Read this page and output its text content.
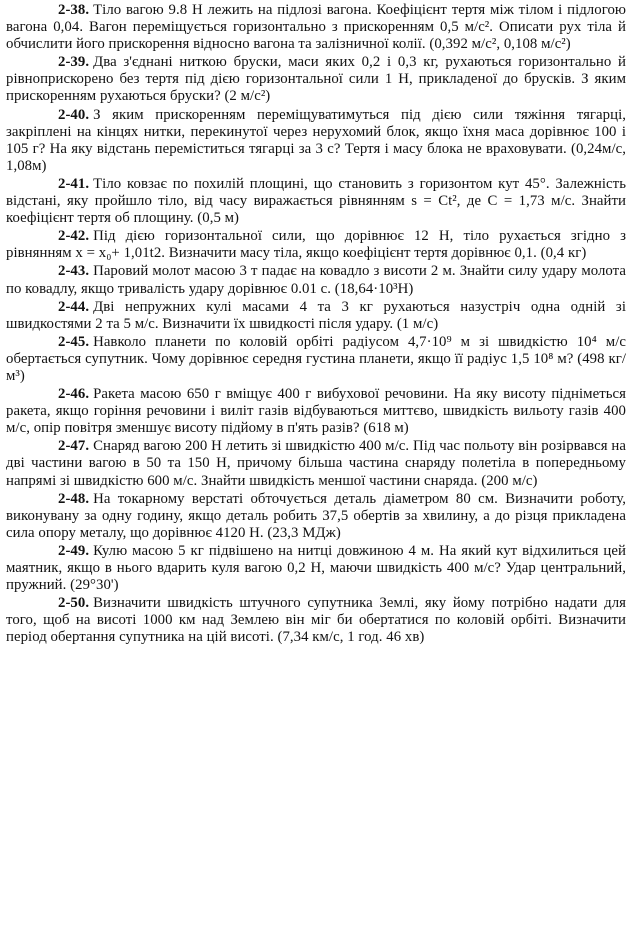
2-38. Тіло вагою 9.8 Н лежить на підлозі вагона. Коефіцієнт тертя між тілом і підлогою вагона 0,04. Вагон переміщується горизонтально з прискоренням 0,5 м/с². Описати рух тіла й обчислити його прискорення відносно вагона та залізничної колії. (0,392 м/с², 0,108 м/с²)

2-39. Два з'єднані ниткою бруски, маси яких 0,2 і 0,3 кг, рухаються горизонтально й рівноприскорено без тертя під дією горизонтальної сили 1 Н, прикладеної до брусків. З яким прискоренням рухаються бруски? (2 м/с²)

2-40. З яким прискоренням переміщуватимуться під дією сили тяжіння тягарці, закріплені на кінцях нитки, перекинутої через нерухомий блок, якщо їхня маса дорівнює 100 і 105 г? На яку відстань переміститься тягарці за 3 с? Тертя і масу блока не враховувати. (0,24м/с, 1,08м)

2-41. Тіло ковзає по похилій площині, що становить з горизонтом кут 45°. Залежність відстані, яку пройшло тіло, від часу виражається рівнянням s = Ct², де C = 1,73 м/с. Знайти коефіцієнт тертя об площину. (0,5 м)

2-42. Під дією горизонтальної сили, що дорівнює 12 Н, тіло рухається згідно з рівнянням x = x₀+ 1,01t2. Визначити масу тіла, якщо коефіцієнт тертя дорівнює 0,1. (0,4 кг)

2-43. Паровий молот масою 3 т падає на ковадло з висоти 2 м. Знайти силу удару молота по ковадлу, якщо тривалість удару дорівнює 0.01 с. (18,64·10³Н)

2-44. Дві непружних кулі масами 4 та 3 кг рухаються назустріч одна одній зі швидкостями 2 та 5 м/с. Визначити їх швидкості після удару. (1 м/с)

2-45. Навколо планети по коловій орбіті радіусом 4,7·10⁹ м зі швидкістю 10⁴ м/с обертається супутник. Чому дорівнює середня густина планети, якщо її радіус 1,5 10⁸ м? (498 кг/м³)

2-46. Ракета масою 650 г вміщує 400 г вибухової речовини. На яку висоту підніметься ракета, якщо горіння речовини і виліт газів відбуваються миттєво, швидкість вильоту газів 400 м/с, опір повітря зменшує висоту підйому в п'ять разів? (618 м)

2-47. Снаряд вагою 200 Н летить зі швидкістю 400 м/с. Під час польоту він розірвався на дві частини вагою в 50 та 150 Н, причому більша частина снаряду полетіла в попередньому напрямі зі швидкістю 600 м/с. Знайти швидкість меншої частини снаряда. (200 м/с)

2-48. На токарному верстаті обточується деталь діаметром 80 см. Визначити роботу, виконувану за одну годину, якщо деталь робить 37,5 обертів за хвилину, а до різця прикладена сила опору металу, що дорівнює 4120 Н. (23,3 МДж)

2-49. Кулю масою 5 кг підвішено на нитці довжиною 4 м. На який кут відхилиться цей маятник, якщо в нього вдарить куля вагою 0,2 Н, маючи швидкість 400 м/с? Удар центральний, пружний. (29°30')

2-50. Визначити швидкість штучного супутника Землі, яку йому потрібно надати для того, щоб на висоті 1000 км над Землею він міг би обертатися по коловій орбіті. Визначити період обертання супутника на цій висоті. (7,34 км/с, 1 год. 46 хв)
